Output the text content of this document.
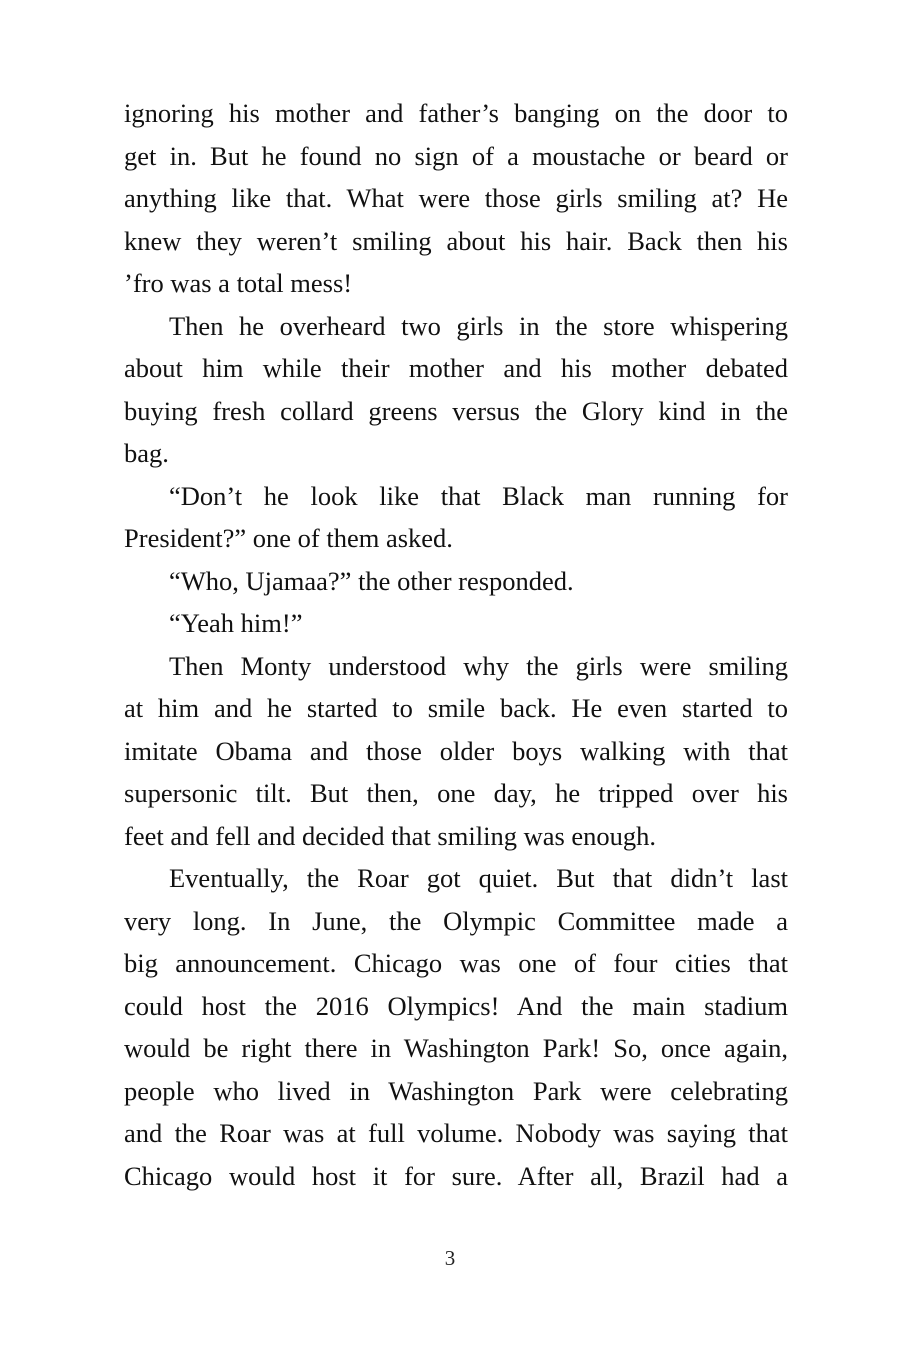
ignoring his mother and father’s banging on the door to
get in. But he found no sign of a moustache or beard or
anything like that. What were those girls smiling at? He
knew they weren’t smiling about his hair. Back then his
’fro was a total mess!
Then he overheard two girls in the store whispering
about him while their mother and his mother debated
buying fresh collard greens versus the Glory kind in the
bag.
“Don’t he look like that Black man running for
President?” one of them asked.
“Who, Ujamaa?” the other responded.
“Yeah him!”
Then Monty understood why the girls were smiling
at him and he started to smile back. He even started to
imitate Obama and those older boys walking with that
supersonic tilt. But then, one day, he tripped over his
feet and fell and decided that smiling was enough.
Eventually, the Roar got quiet. But that didn’t last
very long. In June, the Olympic Committee made a
big announcement. Chicago was one of four cities that
could host the 2016 Olympics! And the main stadium
would be right there in Washington Park! So, once again,
people who lived in Washington Park were celebrating
and the Roar was at full volume. Nobody was saying that
Chicago would host it for sure. After all, Brazil had a
3
